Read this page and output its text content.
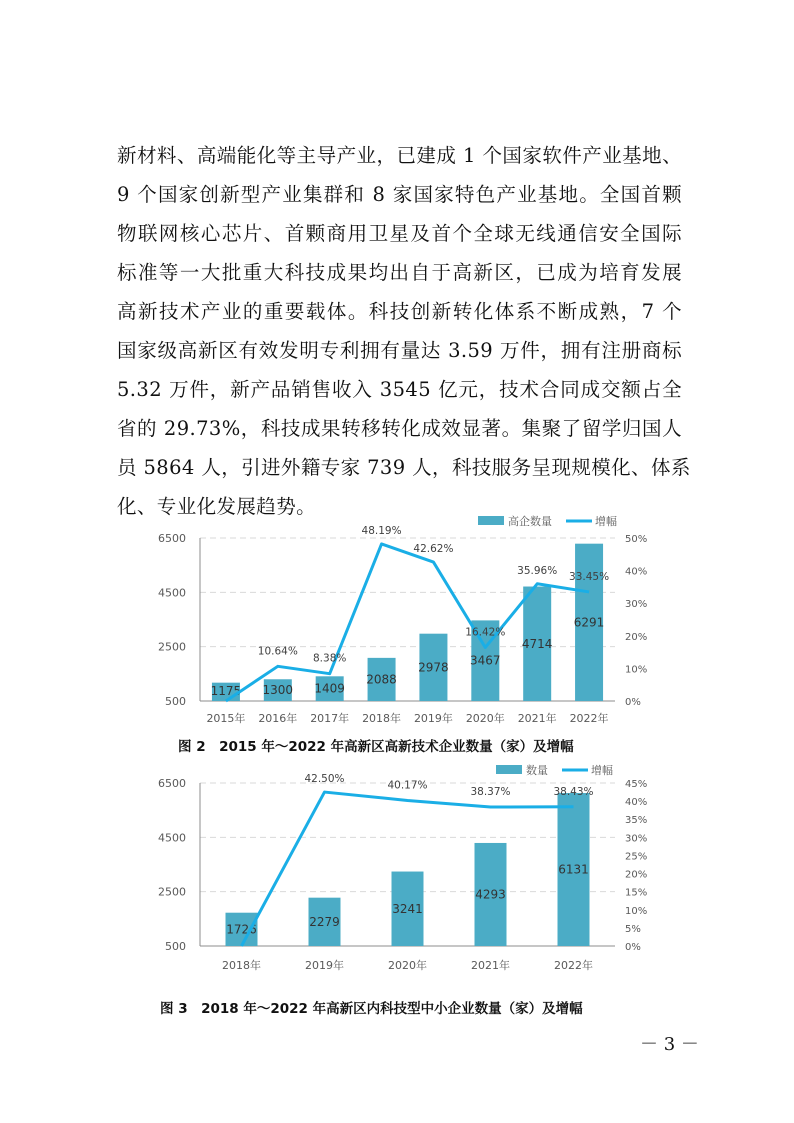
新材料、高端能化等主导产业，已建成 1 个国家软件产业基地、
9 个国家创新型产业集群和 8 家国家特色产业基地。全国首颗
物联网核心芯片、首颗商用卫星及首个全球无线通信安全国际
标准等一大批重大科技成果均出自于高新区，已成为培育发展
高新技术产业的重要载体。科技创新转化体系不断成熟，7 个
国家级高新区有效发明专利拥有量达 3.59 万件，拥有注册商标
5.32 万件，新产品销售收入 3545 亿元，技术合同成交额占全
省的 29.73%，科技成果转移转化成效显著。集聚了留学归国人
员 5864 人，引进外籍专家 739 人，科技服务呈现规模化、体系
化、专业化发展趋势。
500
2500
4500
6500
0%
10%
20%
30%
40%
50%
1175
2015年
1300
2016年
1409
2017年
2088
2018年
2978
2019年
3467
2020年
4714
2021年
6291
2022年
10.64%
8.38%
48.19%
42.62%
16.42%
35.96%
33.45%
高企数量	增幅
500
2500
4500
6500
0%
5%
10%
15%
20%
25%
30%
35%
40%
45%
1726
2018年
2279
2019年
3241
2020年
4293
2021年
6131
2022年
42.50%
40.17%
38.37%	38.43%
数量	增幅
图 2　2015 年～2022 年高新区高新技术企业数量（家）及增幅
图 3　2018 年～2022 年高新区内科技型中小企业数量（家）及增幅
－ 3 －
